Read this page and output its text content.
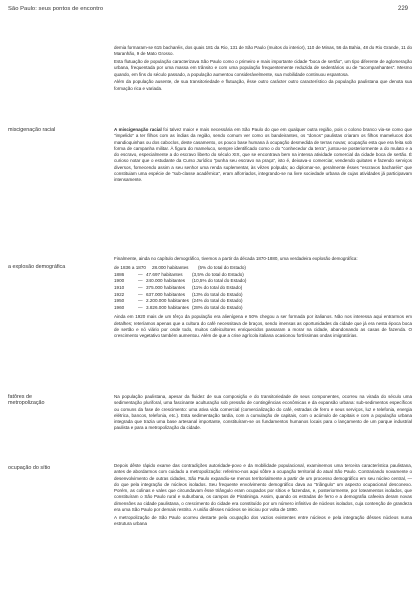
São Paulo: seus pontos de encontro	229
miscigenação racial
a explosão demográfica
fatôres de
metropolização
ocupação do sítio

demia formaram-se 615 bacharéis, dos quais 181 da Rio, 131 de São Paulo (muitos do interior), 110 de Minas, 56 da Bahia, 48 do Rio Grande, 11 do Maranhão, 9 de Mato Grosso.

Esta flutuação de população caracterizava São Paulo como o primeiro e mais importante cidade "boca de sertão", um tipo diferente de aglomeração urbana, frequentada por uma massa em trânsito e com uma população frequentemente reduzida de sedentários ou de "acompanhantes". Mesmo quando, em fins do século passado, a população aumentou consideràvelmente, sua mobilidade continuou espantosa.

Além da população ausente, de sua transitoriedade e flutuação, êsse outro carácter outro característico da população paulistana que denota sua formação rica e variada.

A miscigenação racial foi talvez maior e mais necessária em São Paulo do que em qualquer outra região, pois o colono branco via-se como que "impelido" a ter filhos com as índias da região, sendo comum ver como os bandeirantes, os "donos" paulistas criaram os filhos mamelucos dos mandioquinhas ou dos caboclos, deste casamento, os pouco base humana à ocupação desmedida de terras novas; ocupação esta que era feita sob forma de campanha militar. À figura do mameluco, sempre identificado como o do "conhecedor da terra", juntou-se posteriormente a do mulato e a do escravo, especialmente a do escravo liberto do século XIX, que se encontrava bem na intensa atividade comercial da cidade boca de sertão. É curioso notar que o estudante da Curso Jurídico "punha seu escravo na praça", isto é, deixava-o comerciar, vendendo quitutes e fazendo serviços diversos, fornecendo assim a seu senhor uma renda suplementar, às vêzes polpuda; ao diplomar-se, geralmente êsses "escravos bacharéis" que constituiam uma espécie de "sub-classe acadêmica", eram alforriados, integrando-se na livre sociedade urbana de cujas atividades já participavam intensamente.

Finalmente, ainda no capítulo demográfico, tivemos a partir da década 1870-1880, uma verdadeira explosão demográfica:

de 1836 a 1870 28.000 habitantes	(5% do total do Estado)
1886	— 47.697 habitantes	(3,5% do total do Estado)
1900	— 240.000 habitantes	(10,5% do total do Estado)
1910	— 375.000 habitantes	(11% do total do Estado)
1922	— 637.000 habitantes	(13% do total do Estado)
1950	— 2.200.000 habitantes (24% do total do Estado)
1960	— 3.826.000 habitantes (28% do total do Estado)

Ainda em 1920 mais de um têrço da população era alienígena e 50% chegou a ser formada por italianos. Não nos interessa aqui entrarmos em detalhes; reteríamos apenas que a cultura do café necessitava de braços, sendo imensas as oportunidades da cidade que já era nesta época boca de sertão e nó viário por onde todo, muitos cafeicultores enriquecidos passaram a morar na cidade, abandonando as casas de fazenda. O crescimento vegetativo também aumentou. Além de que a crise agrícola italiana ocasionou fortíssimas ondas imigratórias.

Na população paulistana, apesar da fluidez de sua composição e do transitoriedade de seus componentes, ocorreu na virada do século uma sedimentação pluriforal, uma fascinante aculturação sob pressão de contingências econômicas e da expansão urbana: sub-sedimentos específicos ou comuns da fase de crescimento: uma ativa vida comercial (comercialização do café, estradas de ferro e seus serviços, luz e telefonia, energia elétrica, bancos, telefonia, etc.). Esta sedimentação tardia, com a cumulação de capitais, com o acúmulo de capitais e com a população urbana integrada que trazia uma base artesanal importante, constituíram-se os fundamentos humanos locais para o lançamento de um parque industrial paulista e para a metropolização da cidade.

Depois dêste rápido exame das contradições autoridade-povo e da mobilidade populacional, examinemos uma terceira característica paulistana, antes de abordarmos com cuidado a metropolização: referimo-nos aqui sôbre a ocupação territorial do atual São Paulo. Contrariando novamente o desenvolvimento de outras cidades, São Paulo expandiu-se menos territorialmente a partir de um processo demográfico em seu núcleo central, — do que pela integração de núcleos isolados. Seu frequente envolvimento demográfico dava ao "triângulo" um aspecto ocupacional desconexo. Porém, as colinas e vales que circundavam êsse triângulo eram ocupados por sítios e fazendas, e, posteriormente, por loteamentos isolados, que constituíram o São Paulo rural e suburbana, os campos de Piratininga. Assim, quando os estradas de ferro e a demografia cafeeira deram novas dimensões ao cidade paulistana, o crescimento do cidade era constituído por um número infinitivo de núcleos isolados, cuja contenção de grandeza era uma São Paulo por demais restrito. A união dêsses núcleos se iniciou por volta de 1890.

A metropolização de São Paulo ocorreu destarte pela ocupação dos vazios existentes entre núcleos e pela integração dêsses núcleos numa estrutura urbana
